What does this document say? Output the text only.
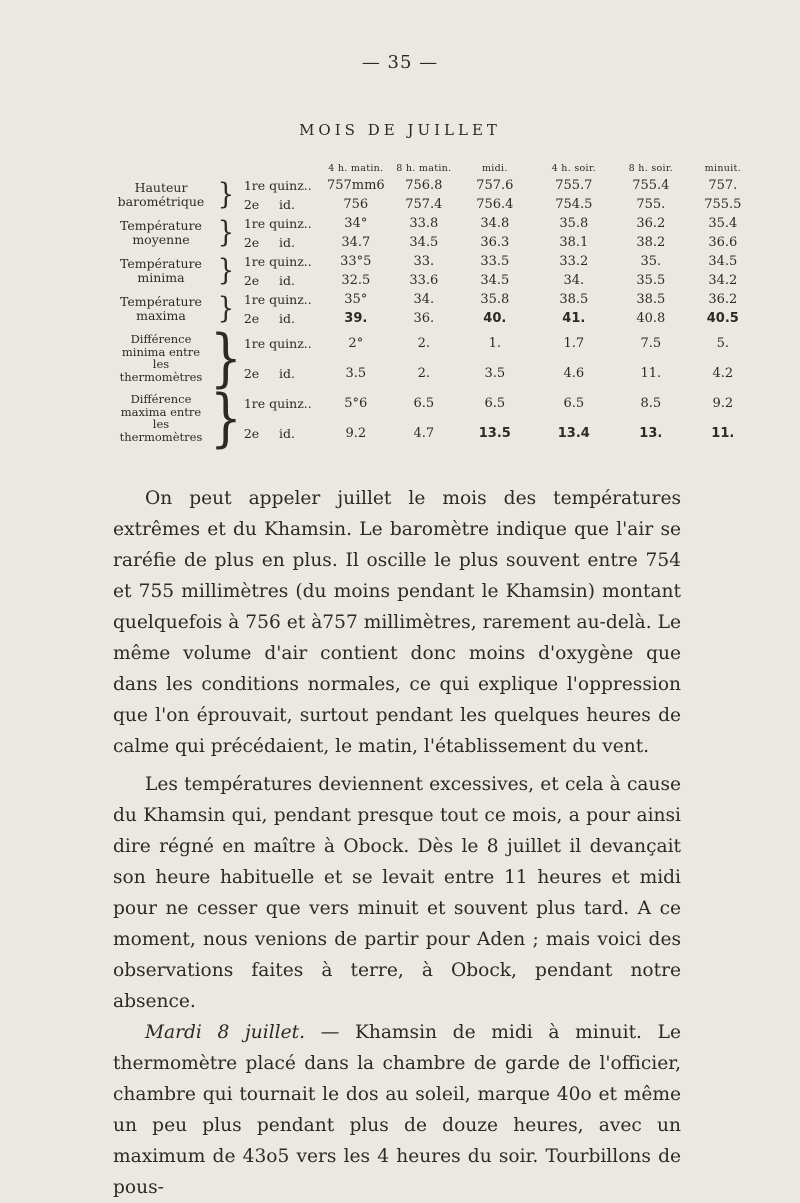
— 35 —
MOIS DE JUILLET
			4 h. matin.	8 h. matin.	midi.	4 h. soir.	8 h. soir.	minuit.

Hauteur
barométrique	}	1re quinz..	757mm6	756.8	757.6	755.7	755.4	757.
		2e     id.	756	757.4	756.4	754.5	755.	755.5

Température
moyenne	}	1re quinz..	34°	33.8	34.8	35.8	36.2	35.4
		2e     id.	34.7	34.5	36.3	38.1	38.2	36.6

Température
minima	}	1re quinz..	33°5	33.	33.5	33.2	35.	34.5
		2e     id.	32.5	33.6	34.5	34.	35.5	34.2

Température
maxima	}	1re quinz..	35°	34.	35.8	38.5	38.5	36.2
		2e     id.	39.	36.	40.	41.	40.8	40.5

Différence
minima entre
les
thermomètres	}	1re quinz..	2°	2.	1.	1.7	7.5	5.
		2e     id.	3.5	2.	3.5	4.6	11.	4.2

Différence
maxima entre
les
thermomètres	}	1re quinz..	5°6	6.5	6.5	6.5	8.5	9.2
		2e     id.	9.2	4.7	13.5	13.4	13.	11.

On peut appeler juillet le mois des températures extrêmes et du Khamsin. Le baromètre indique que l'air se raréfie de plus en plus. Il oscille le plus souvent entre 754 et 755 millimètres (du moins pendant le Khamsin) montant quelquefois à 756 et à757 millimètres, rarement au-delà. Le même volume d'air contient donc moins d'oxygène que dans les conditions normales, ce qui explique l'oppression que l'on éprouvait, surtout pendant les quelques heures de calme qui précédaient, le matin, l'établissement du vent.

Les températures deviennent excessives, et cela à cause du Khamsin qui, pendant presque tout ce mois, a pour ainsi dire régné en maître à Obock. Dès le 8 juillet il devançait son heure habituelle et se levait entre 11 heures et midi pour ne cesser que vers minuit et souvent plus tard. A ce moment, nous venions de partir pour Aden ; mais voici des observations faites à terre, à Obock, pendant notre absence.

Mardi 8 juillet. — Khamsin de midi à minuit. Le thermomètre placé dans la chambre de garde de l'officier, chambre qui tournait le dos au soleil, marque 40o et même un peu plus pendant plus de douze heures, avec un maximum de 43o5 vers les 4 heures du soir. Tourbillons de pous-
